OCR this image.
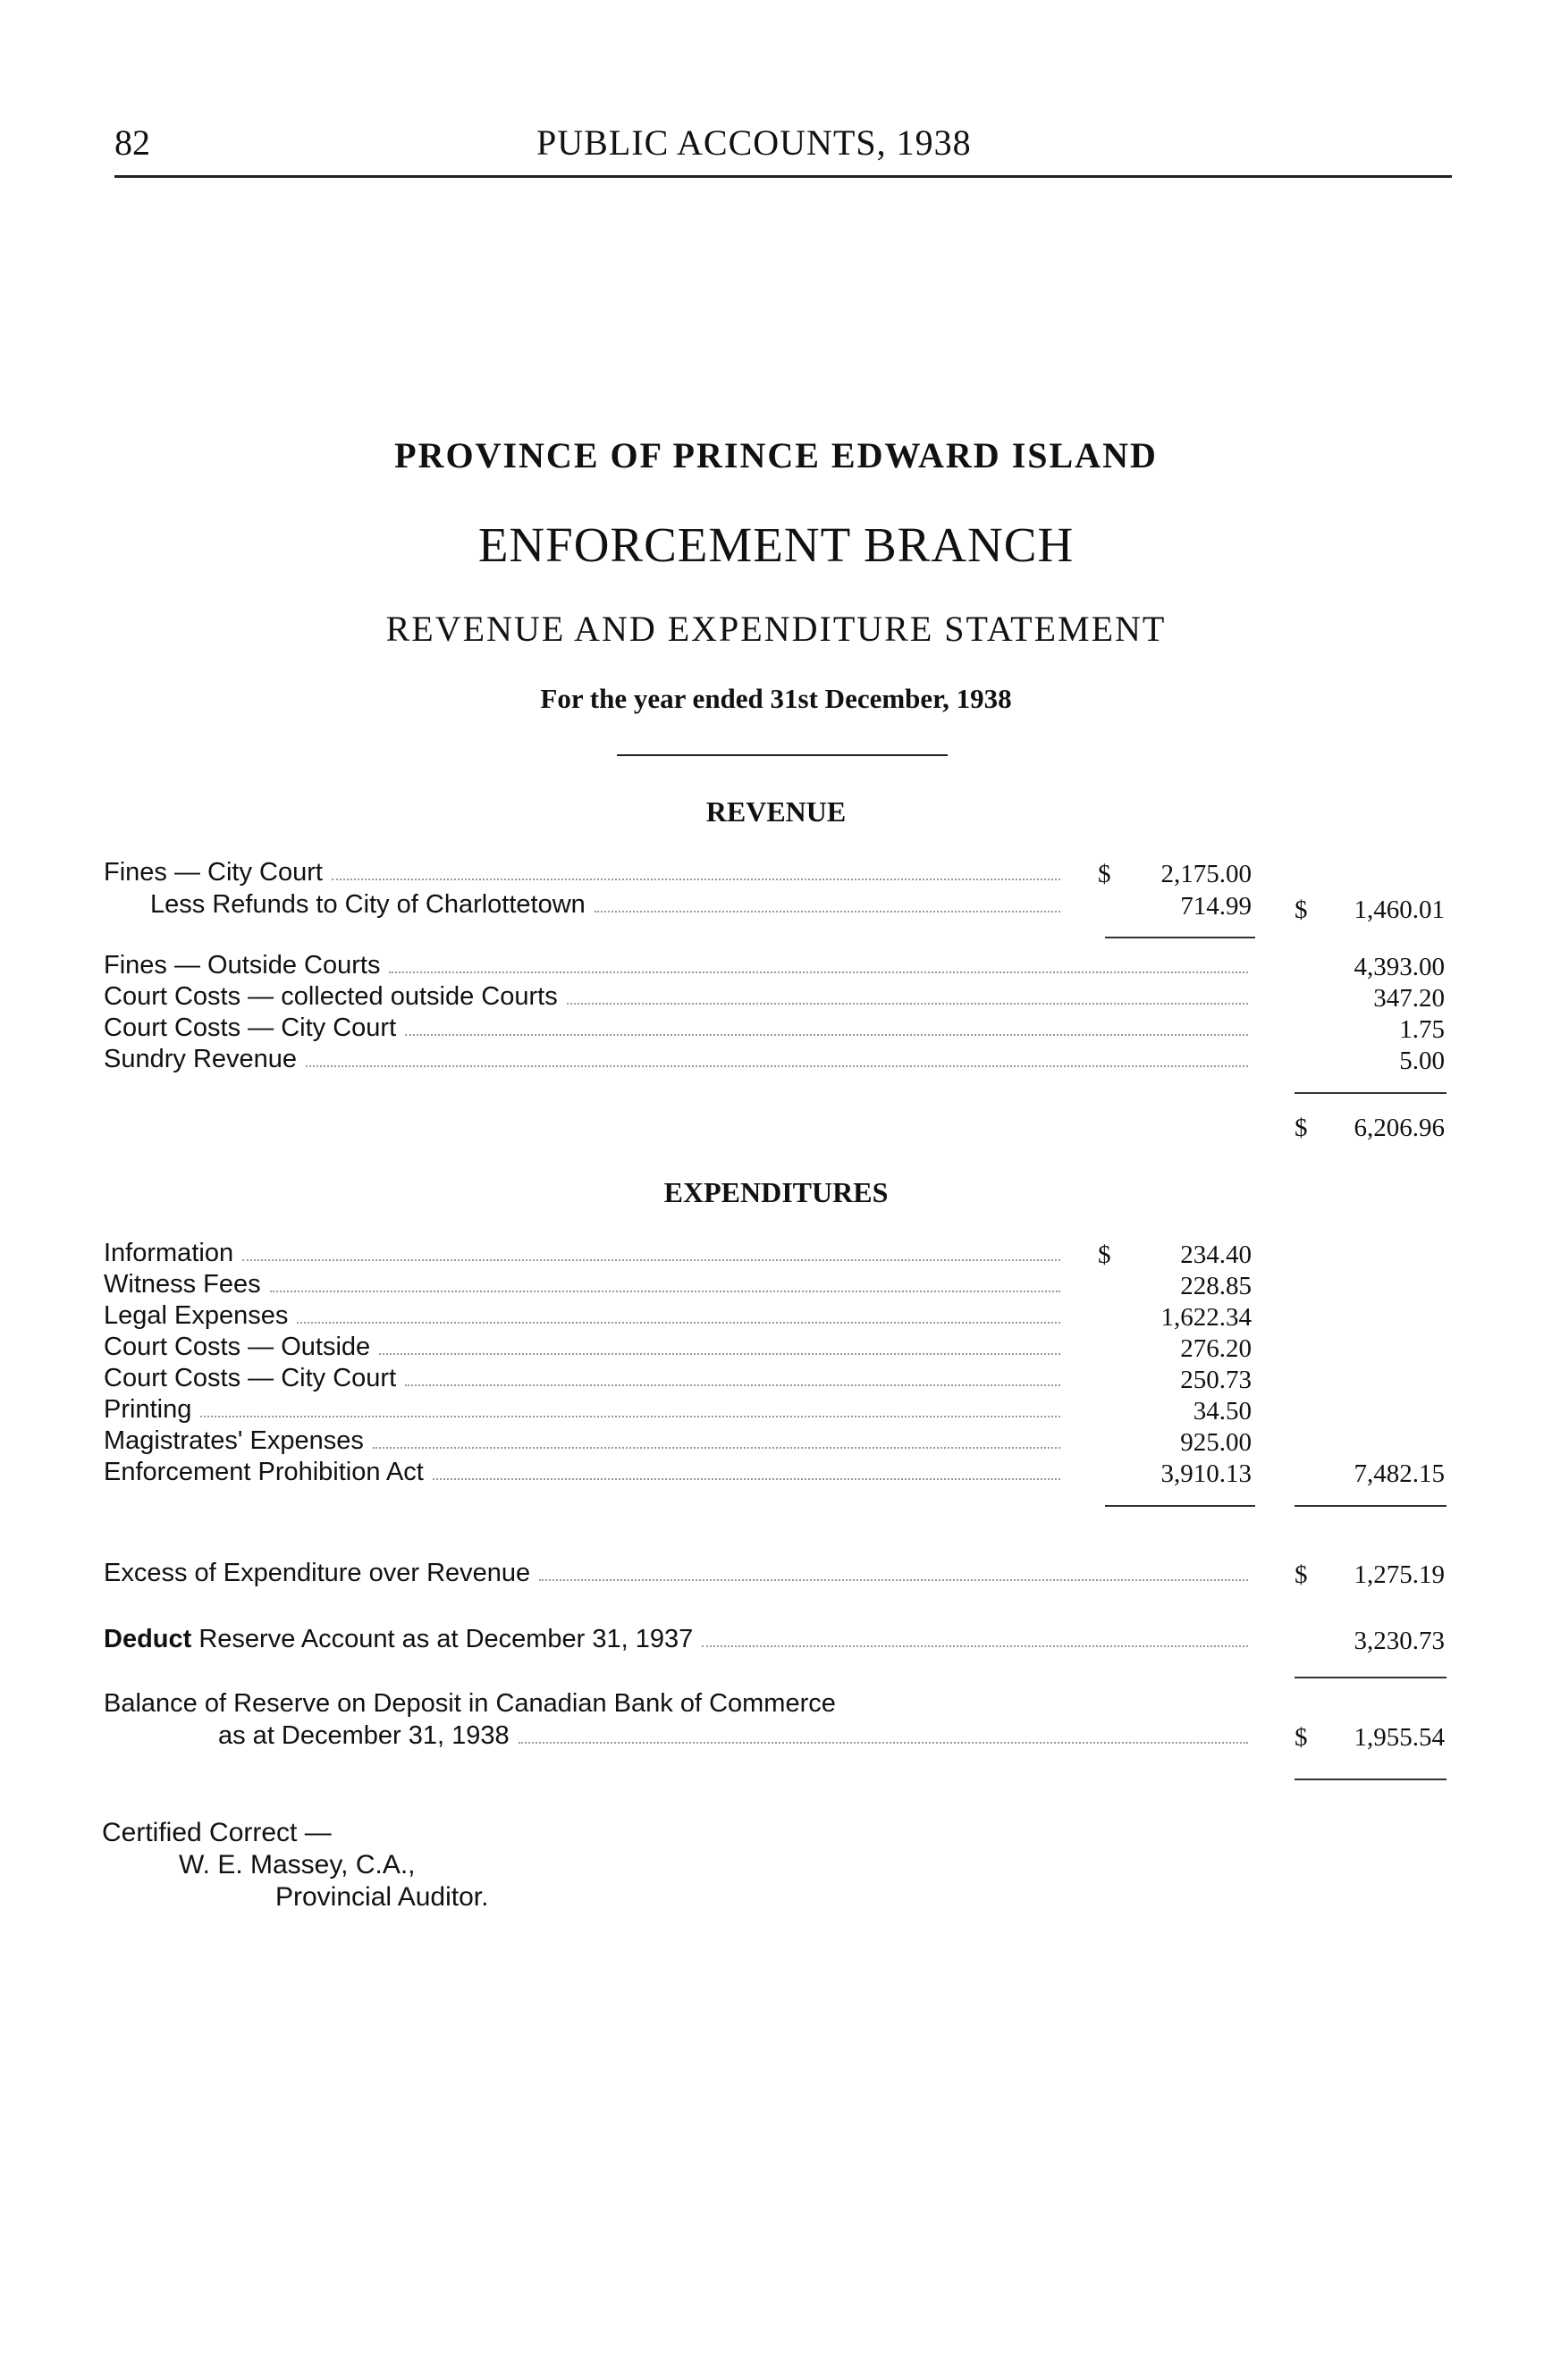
82	PUBLIC ACCOUNTS, 1938
PROVINCE OF PRINCE EDWARD ISLAND
ENFORCEMENT BRANCH
REVENUE AND EXPENDITURE STATEMENT
For the year ended 31st December, 1938
REVENUE
Fines — City Court	$	2,175.00
Less Refunds to City of Charlottetown	714.99 $	1,460.01
Fines — Outside Courts	4,393.00
Court Costs — collected outside Courts	347.20
Court Costs — City Court	1.75
Sundry Revenue	5.00
$	6,206.96
EXPENDITURES
Information	$	234.40
Witness Fees	228.85
Legal Expenses	1,622.34
Court Costs — Outside	276.20
Court Costs — City Court	250.73
Printing	34.50
Magistrates' Expenses	925.00
Enforcement Prohibition Act	3,910.13	7,482.15
Excess of Expenditure over Revenue	$	1,275.19
Deduct Reserve Account as at December 31, 1937	3,230.73
Balance of Reserve on Deposit in Canadian Bank of Commerce
as at December 31, 1938	$	1,955.54
Certified Correct —
W. E. Massey, C.A.,
Provincial Auditor.
